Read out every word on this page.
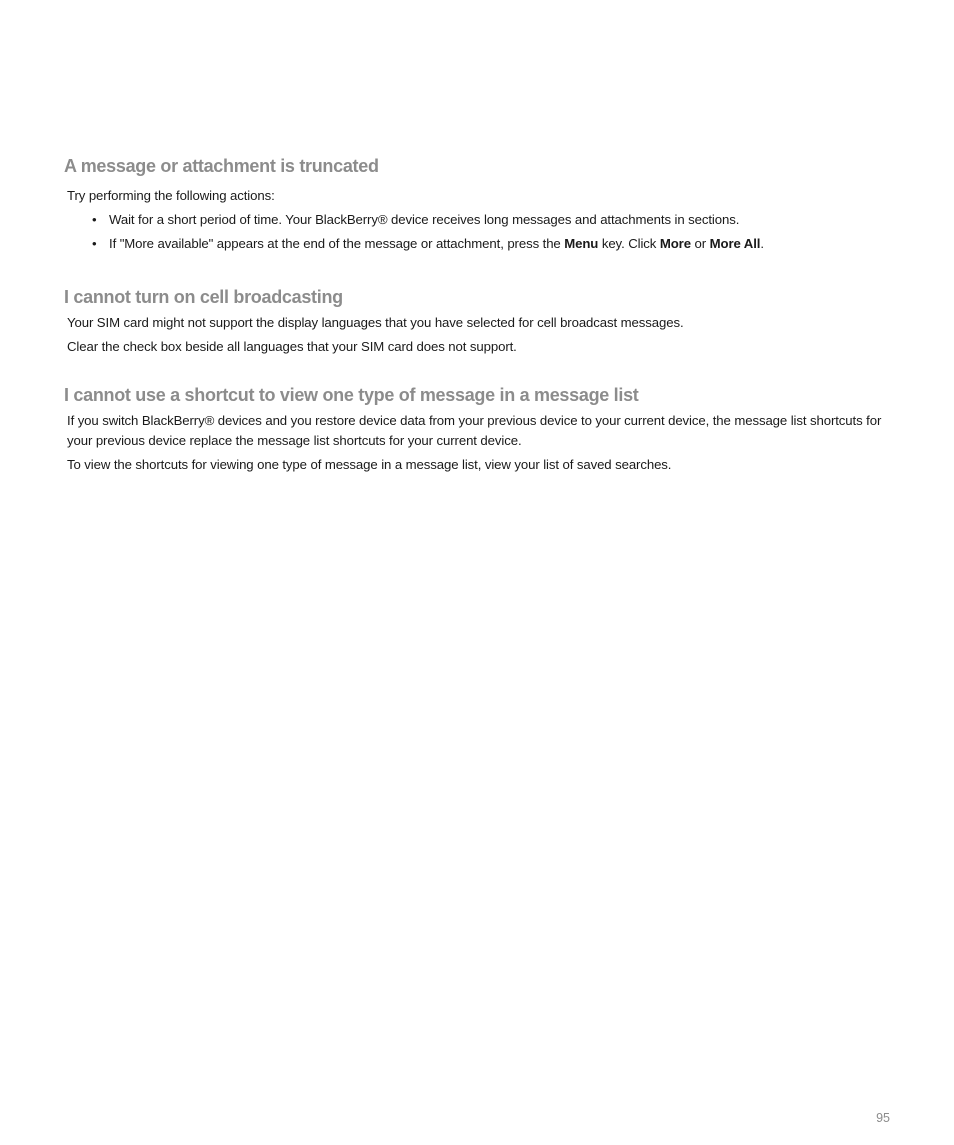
A message or attachment is truncated

Try performing the following actions:

• Wait for a short period of time. Your BlackBerry® device receives long messages and attachments in sections.
• If "More available" appears at the end of the message or attachment, press the Menu key. Click More or More All.
I cannot turn on cell broadcasting

Your SIM card might not support the display languages that you have selected for cell broadcast messages.

Clear the check box beside all languages that your SIM card does not support.

I cannot use a shortcut to view one type of message in a message list

If you switch BlackBerry® devices and you restore device data from your previous device to your current device, the message list shortcuts for your previous device replace the message list shortcuts for your current device.

To view the shortcuts for viewing one type of message in a message list, view your list of saved searches.

95
